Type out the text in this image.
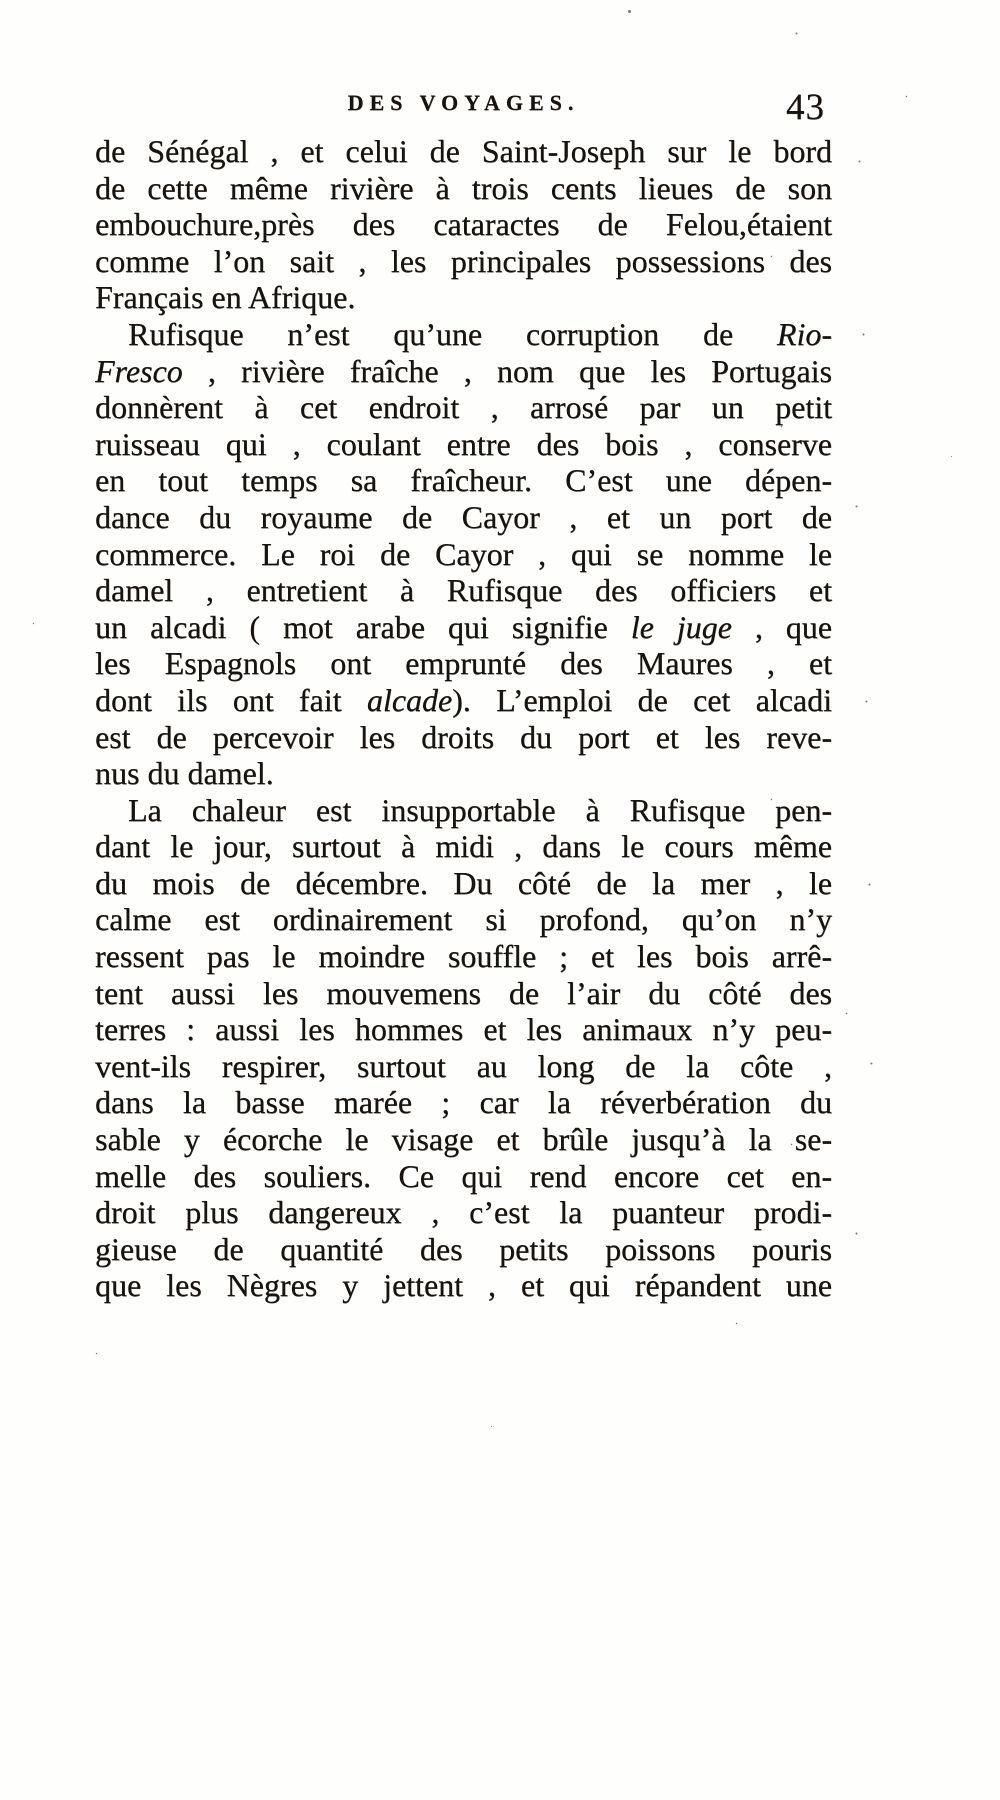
DES VOYAGES.	43
de Sénégal , et celui de Saint-Joseph sur le bord
de cette même rivière à trois cents lieues de son
embouchure,près des cataractes de Felou,étaient
comme l’on sait , les principales possessions des
Français en Afrique.
Rufisque n’est qu’une corruption de Rio-
Fresco , rivière fraîche , nom que les Portugais
donnèrent à cet endroit , arrosé par un petit
ruisseau qui , coulant entre des bois , conserve
en tout temps sa fraîcheur. C’est une dépen-
dance du royaume de Cayor , et un port de
commerce. Le roi de Cayor , qui se nomme le
damel , entretient à Rufisque des officiers et
un alcadi ( mot arabe qui signifie le juge , que
les Espagnols ont emprunté des Maures , et
dont ils ont fait alcade). L’emploi de cet alcadi
est de percevoir les droits du port et les reve-
nus du damel.
La chaleur est insupportable à Rufisque pen-
dant le jour, surtout à midi , dans le cours même
du mois de décembre. Du côté de la mer , le
calme est ordinairement si profond, qu’on n’y
ressent pas le moindre souffle ; et les bois arrê-
tent aussi les mouvemens de l’air du côté des
terres : aussi les hommes et les animaux n’y peu-
vent-ils respirer, surtout au long de la côte ,
dans la basse marée ; car la réverbération du
sable y écorche le visage et brûle jusqu’à la se-
melle des souliers. Ce qui rend encore cet en-
droit plus dangereux , c’est la puanteur prodi-
gieuse de quantité des petits poissons pouris
que les Nègres y jettent , et qui répandent une
